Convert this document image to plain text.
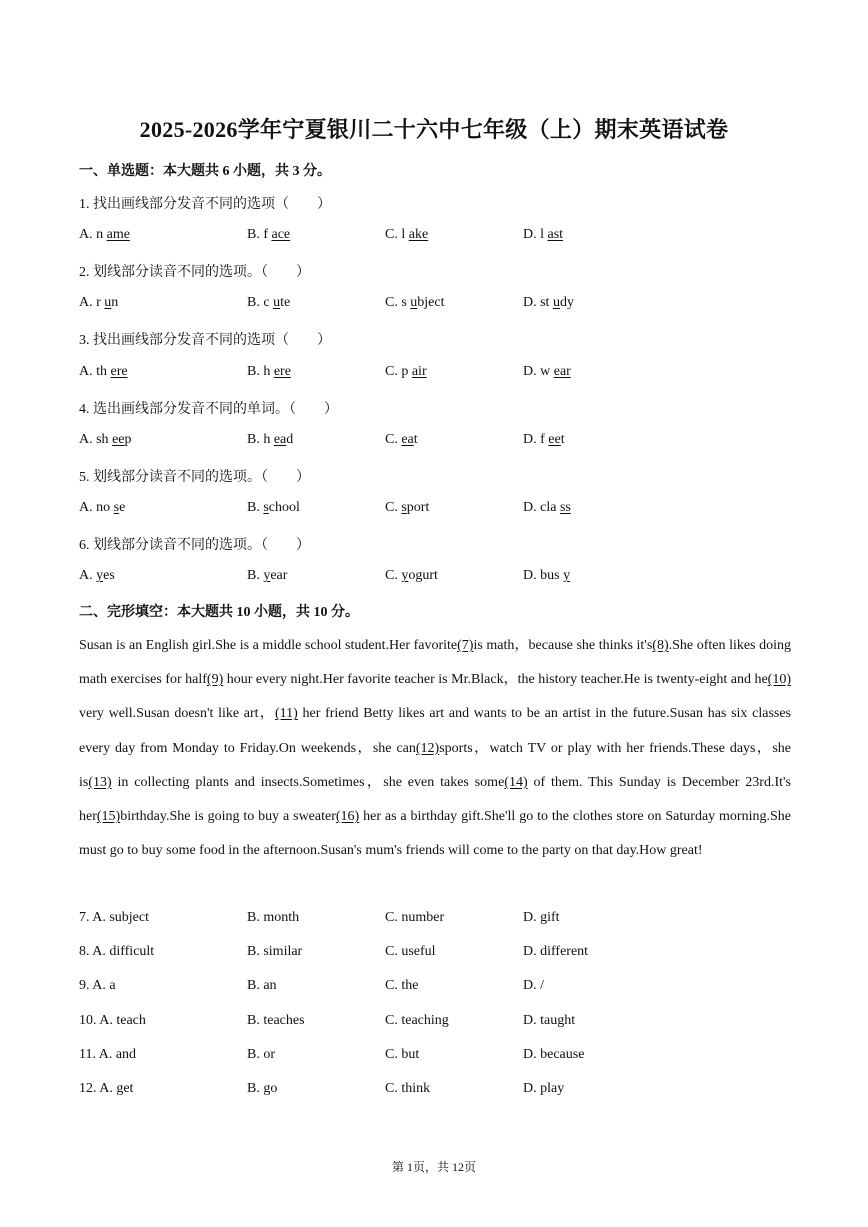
2025-2026学年宁夏银川二十六中七年级（上）期末英语试卷
一、单选题：本大题共 6 小题，共 3 分。
1. 找出画线部分发音不同的选项（　　）
A. n ame	B. f ace	C. l ake	D. l ast
2. 划线部分读音不同的选项。（　　）
A. r un	B. c ute	C. s ubject	D. st udy
3. 找出画线部分发音不同的选项（　　）
A. th ere	B. h ere	C. p air	D. w ear
4. 选出画线部分发音不同的单词。（　　）
A. sh eep	B. h ead	C. eat	D. f eet
5. 划线部分读音不同的选项。（　　）
A. no se	B. school	C. sport	D. cla ss
6. 划线部分读音不同的选项。（　　）
A. yes	B. year	C. yogurt	D. bus y
二、完形填空：本大题共 10 小题，共 10 分。
Susan is an English girl.She is a middle school student.Her favorite(7)is math，because she thinks it's(8).She often likes doing math exercises for half(9) hour every night.Her favorite teacher is Mr.Black，the history teacher.He is twenty-eight and he(10) very well.Susan doesn't like art，(11) her friend Betty likes art and wants to be an artist in the future.Susan has six classes every day from Monday to Friday.On weekends，she can(12)sports，watch TV or play with her friends.These days，she is(13) in collecting plants and insects.Sometimes，she even takes some(14) of them. This Sunday is December 23rd.It's her(15)birthday.She is going to buy a sweater(16) her as a birthday gift.She'll go to the clothes store on Saturday morning.She must go to buy some food in the afternoon.Susan's mum's friends will come to the party on that day.How great!
7. A. subject	B. month	C. number	D. gift
8. A. difficult	B. similar	C. useful	D. different
9. A. a	B. an	C. the	D. /
10. A. teach	B. teaches	C. teaching	D. taught
11. A. and	B. or	C. but	D. because
12. A. get	B. go	C. think	D. play
第 1页，共 12页
